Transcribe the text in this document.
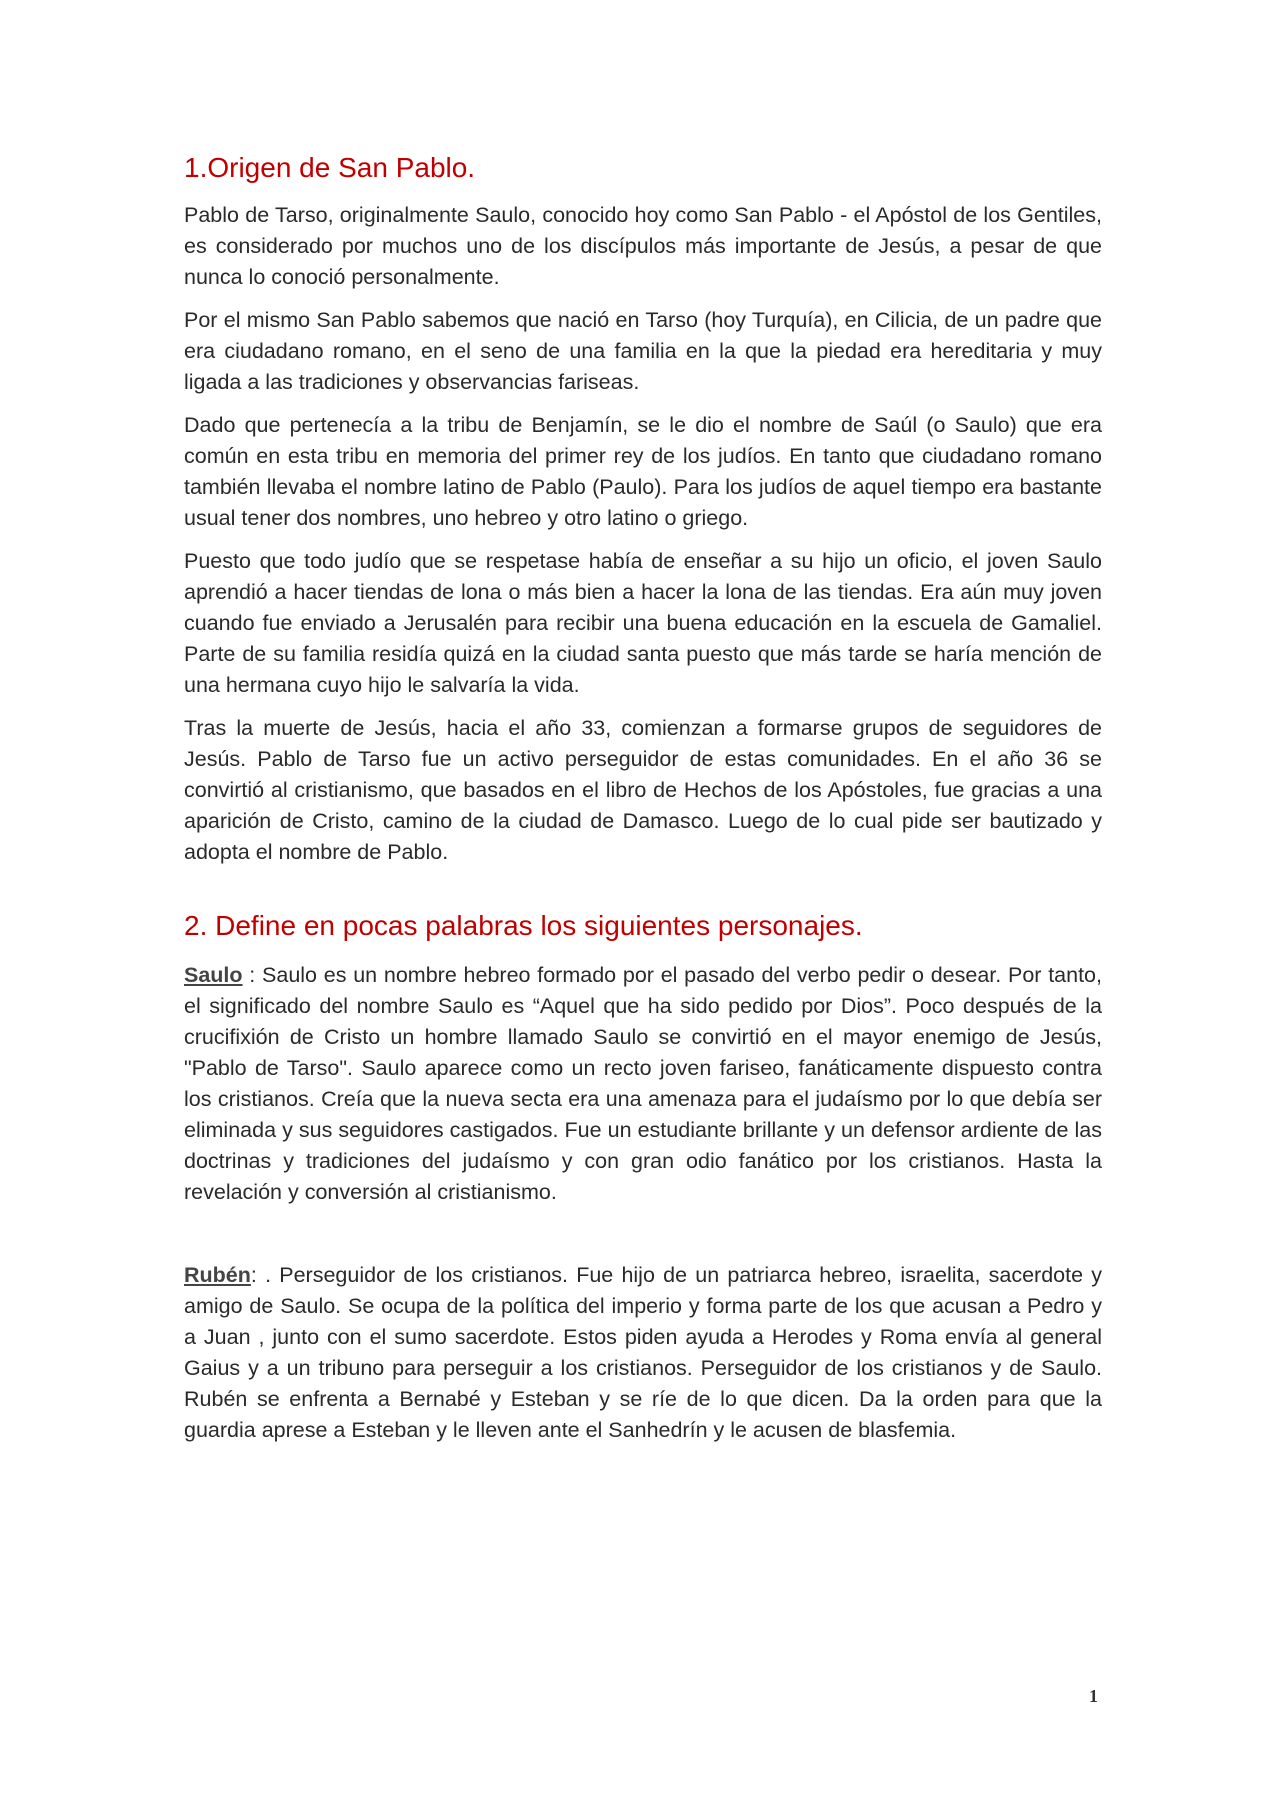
1.Origen de San Pablo.

Pablo de Tarso, originalmente Saulo, conocido hoy como San Pablo - el Apóstol de los Gentiles, es considerado por muchos uno de los discípulos más importante de Jesús, a pesar de que nunca lo conoció personalmente.

Por el mismo San Pablo sabemos que nació en Tarso (hoy Turquía), en Cilicia, de un padre que era ciudadano romano, en el seno de una familia en la que la piedad era hereditaria y muy ligada a las tradiciones y observancias fariseas.

Dado que pertenecía a la tribu de Benjamín, se le dio el nombre de Saúl (o Saulo) que era común en esta tribu en memoria del primer rey de los judíos. En tanto que ciudadano romano también llevaba el nombre latino de Pablo (Paulo). Para los judíos de aquel tiempo era bastante usual tener dos nombres, uno hebreo y otro latino o griego.

Puesto que todo judío que se respetase había de enseñar a su hijo un oficio, el joven Saulo aprendió a hacer tiendas de lona o más bien a hacer la lona de las tiendas. Era aún muy joven cuando fue enviado a Jerusalén para recibir una buena educación en la escuela de Gamaliel. Parte de su familia residía quizá en la ciudad santa puesto que más tarde se haría mención de una hermana cuyo hijo le salvaría la vida.

Tras la muerte de Jesús, hacia el año 33, comienzan a formarse grupos de seguidores de Jesús. Pablo de Tarso fue un activo perseguidor de estas comunidades. En el año 36 se convirtió al cristianismo, que basados en el libro de Hechos de los Apóstoles, fue gracias a una aparición de Cristo, camino de la ciudad de Damasco. Luego de lo cual pide ser bautizado y adopta el nombre de Pablo.

2. Define en pocas palabras los siguientes personajes.

Saulo : Saulo es un nombre hebreo formado por el pasado del verbo pedir o desear. Por tanto, el significado del nombre Saulo es “Aquel que ha sido pedido por Dios”. Poco después de la crucifixión de Cristo un hombre llamado Saulo se convirtió en el mayor enemigo de Jesús, "Pablo de Tarso". Saulo aparece como un recto joven fariseo, fanáticamente dispuesto contra los cristianos. Creía que la nueva secta era una amenaza para el judaísmo por lo que debía ser eliminada y sus seguidores castigados. Fue un estudiante brillante y un defensor ardiente de las doctrinas y tradiciones del judaísmo y con gran odio fanático por los cristianos. Hasta la revelación y conversión al cristianismo.

Rubén: . Perseguidor de los cristianos. Fue hijo de un patriarca hebreo, israelita, sacerdote y amigo de Saulo. Se ocupa de la política del imperio y forma parte de los que acusan a Pedro y a Juan , junto con el sumo sacerdote. Estos piden ayuda a Herodes y Roma envía al general Gaius y a un tribuno para perseguir a los cristianos. Perseguidor de los cristianos y de Saulo. Rubén se enfrenta a Bernabé y Esteban y se ríe de lo que dicen. Da la orden para que la guardia aprese a Esteban y le lleven ante el Sanhedrín y le acusen de blasfemia.

1
